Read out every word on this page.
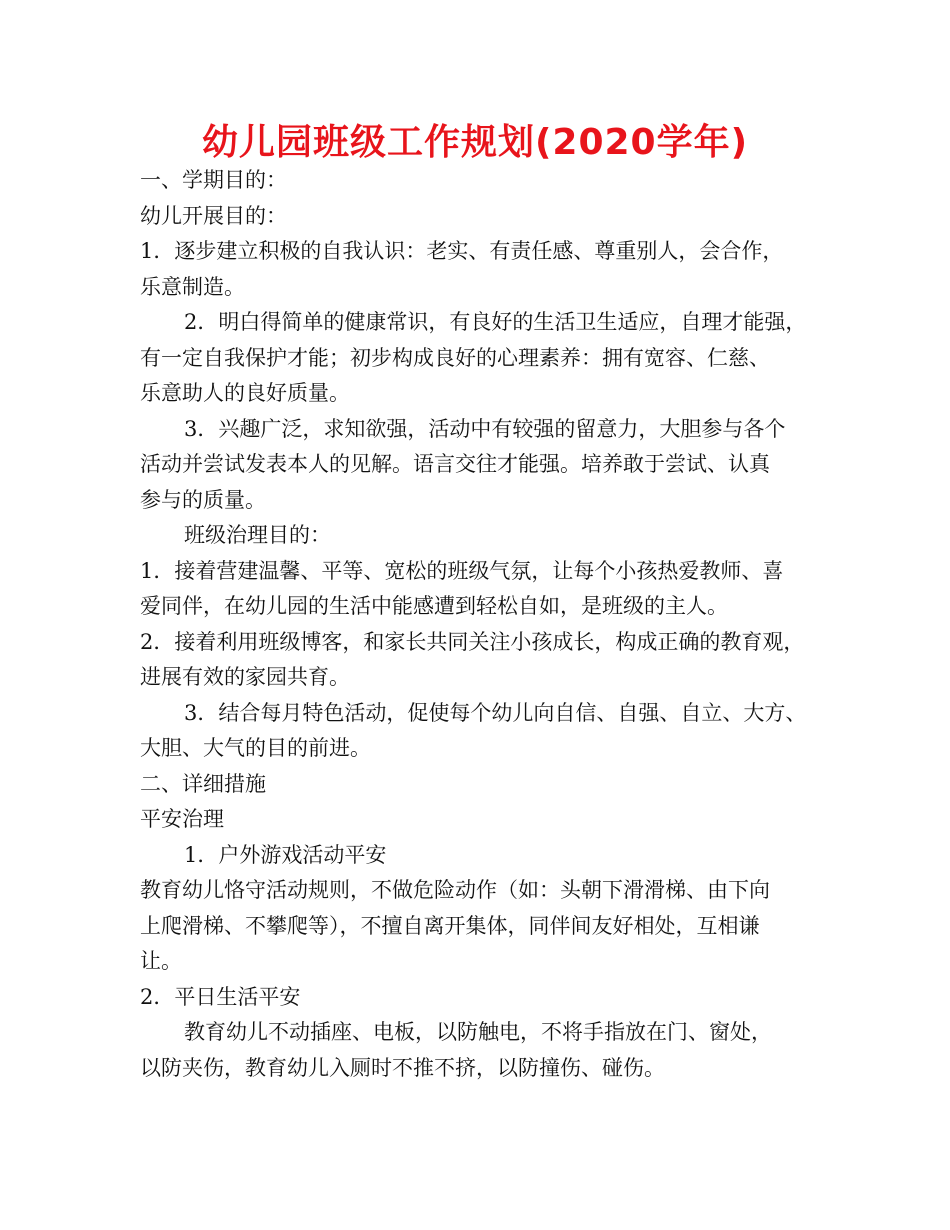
幼儿园班级工作规划(2020学年)
一、学期目的：
幼儿开展目的：
1．逐步建立积极的自我认识：老实、有责任感、尊重别人，会合作，
乐意制造。
2．明白得简单的健康常识，有良好的生活卫生适应，自理才能强，
有一定自我保护才能；初步构成良好的心理素养：拥有宽容、仁慈、
乐意助人的良好质量。
3．兴趣广泛，求知欲强，活动中有较强的留意力，大胆参与各个
活动并尝试发表本人的见解。语言交往才能强。培养敢于尝试、认真
参与的质量。
班级治理目的：
1．接着营建温馨、平等、宽松的班级气氛，让每个小孩热爱教师、喜
爱同伴，在幼儿园的生活中能感遭到轻松自如，是班级的主人。
2．接着利用班级博客，和家长共同关注小孩成长，构成正确的教育观，
进展有效的家园共育。
3．结合每月特色活动，促使每个幼儿向自信、自强、自立、大方、
大胆、大气的目的前进。
二、详细措施
平安治理
1．户外游戏活动平安
教育幼儿恪守活动规则，不做危险动作（如：头朝下滑滑梯、由下向
上爬滑梯、不攀爬等），不擅自离开集体，同伴间友好相处，互相谦
让。
2．平日生活平安
教育幼儿不动插座、电板，以防触电，不将手指放在门、窗处，
以防夹伤，教育幼儿入厕时不推不挤，以防撞伤、碰伤。
